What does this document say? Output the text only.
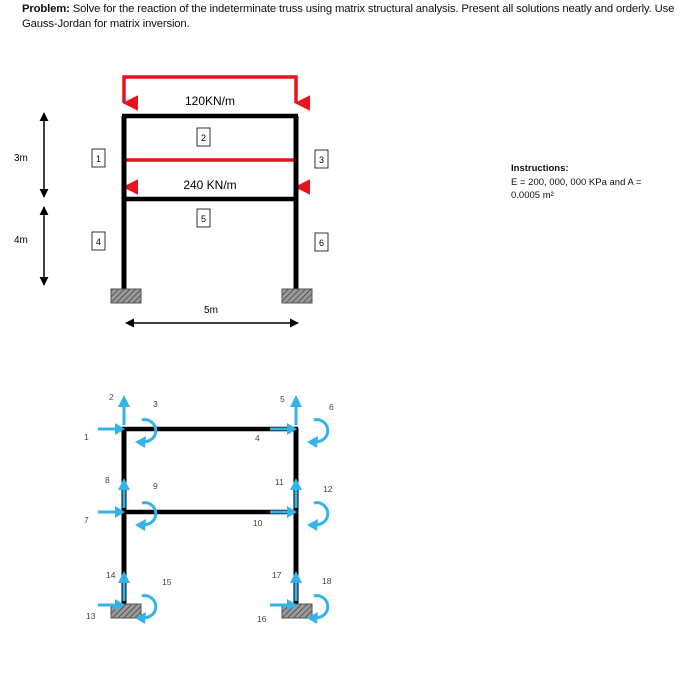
Problem: Solve for the reaction of the indeterminate truss using matrix structural analysis. Present all solutions neatly and orderly. Use Gauss-Jordan for matrix inversion.
Instructions:
E = 200, 000, 000 KPa and A =
0.0005 m²
120KN/m
240 KN/m
1
2
3
4
5
6
3m
4m
5m
1
2
3
4
5
6
7
8
9
10
11
12
13
14
15
16
17
18
